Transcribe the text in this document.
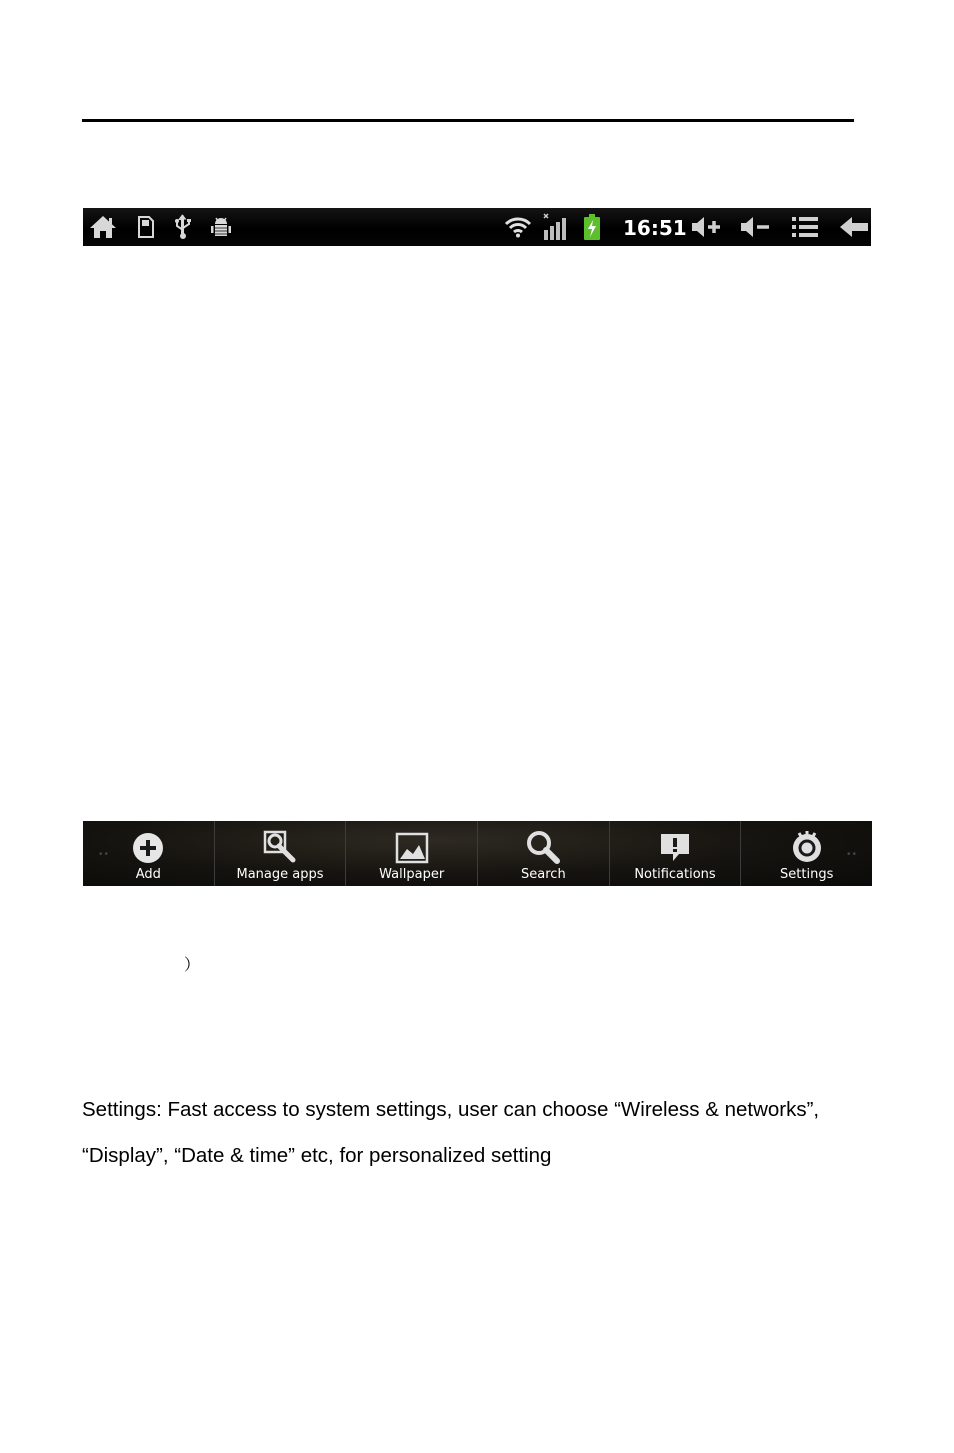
16:51
••
Add	Manage apps	Wallpaper	Search	Notifications
••
Settings
）

Settings: Fast access to system settings, user can choose “Wireless & networks”, “Display”, “Date & time” etc, for personalized setting
